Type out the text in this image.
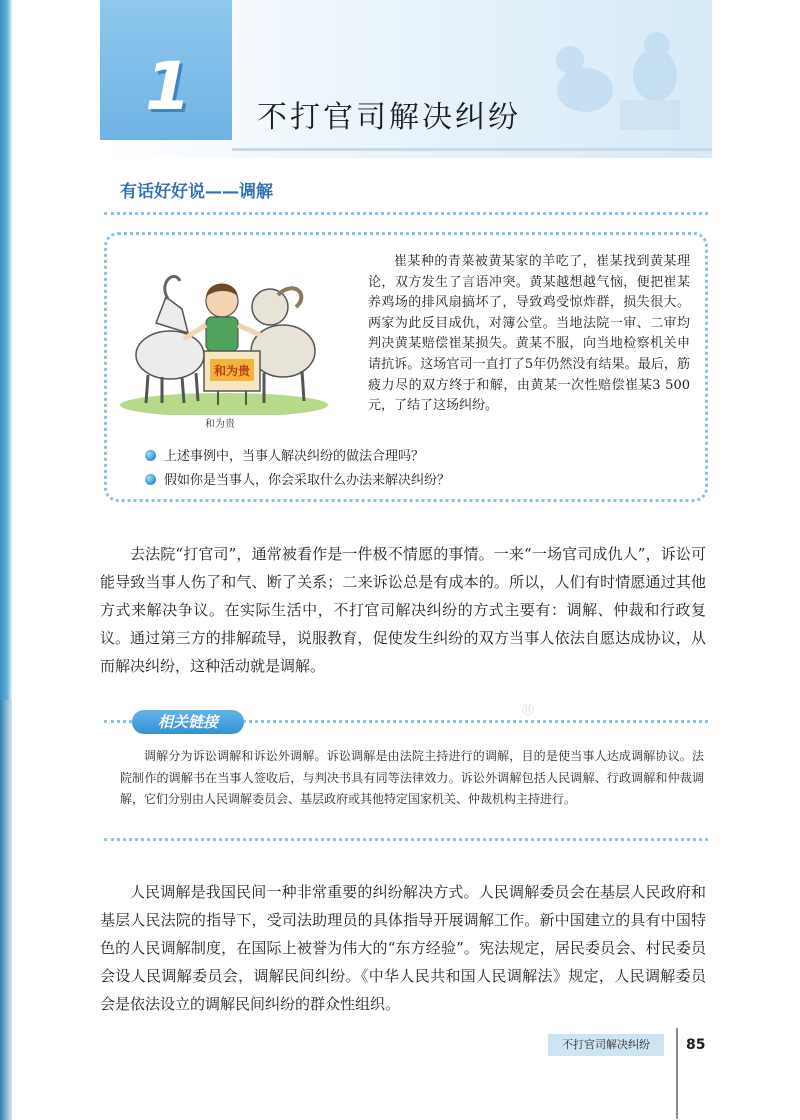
1	不打官司解决纠纷
有话好好说——调解
和为贵
和为贵

崔某种的青菜被黄某家的羊吃了，崔某找到黄某理论，双方发生了言语冲突。黄某越想越气恼，便把崔某养鸡场的排风扇搞坏了，导致鸡受惊炸群，损失很大。两家为此反目成仇，对簿公堂。当地法院一审、二审均判决黄某赔偿崔某损失。黄某不服，向当地检察机关申请抗诉。这场官司一直打了5年仍然没有结果。最后，筋疲力尽的双方终于和解，由黄某一次性赔偿崔某3 500元，了结了这场纠纷。

上述事例中，当事人解决纠纷的做法合理吗？
假如你是当事人，你会采取什么办法来解决纠纷？

去法院“打官司”，通常被看作是一件极不情愿的事情。一来“一场官司成仇人”，诉讼可能导致当事人伤了和气、断了关系；二来诉讼总是有成本的。所以，人们有时情愿通过其他方式来解决争议。在实际生活中，不打官司解决纠纷的方式主要有：调解、仲裁和行政复议。 通过第三方的排解疏导，说服教育，促使发生纠纷的双方当事人依法自愿达成协议，从而解决纠纷，这种活动就是调解。

相关链接
®

调解分为诉讼调解和诉讼外调解。诉讼调解是由法院主持进行的调解，目的是使当事人达成调解协议。法院制作的调解书在当事人签收后，与判决书具有同等法律效力。诉讼外调解包括人民调解、行政调解和仲裁调解，它们分别由人民调解委员会、基层政府或其他特定国家机关、仲裁机构主持进行。

人民调解是我国民间一种非常重要的纠纷解决方式。人民调解委员会在基层人民政府和基层人民法院的指导下，受司法助理员的具体指导开展调解工作。新中国建立的具有中国特色的人民调解制度，在国际上被誉为伟大的“东方经验”。宪法规定，居民委员会、村民委员会设人民调解委员会，调解民间纠纷。《中华人民共和国人民调解法》规定，人民调解委员会是依法设立的调解民间纠纷的群众性组织。

不打官司解决纠纷	85
